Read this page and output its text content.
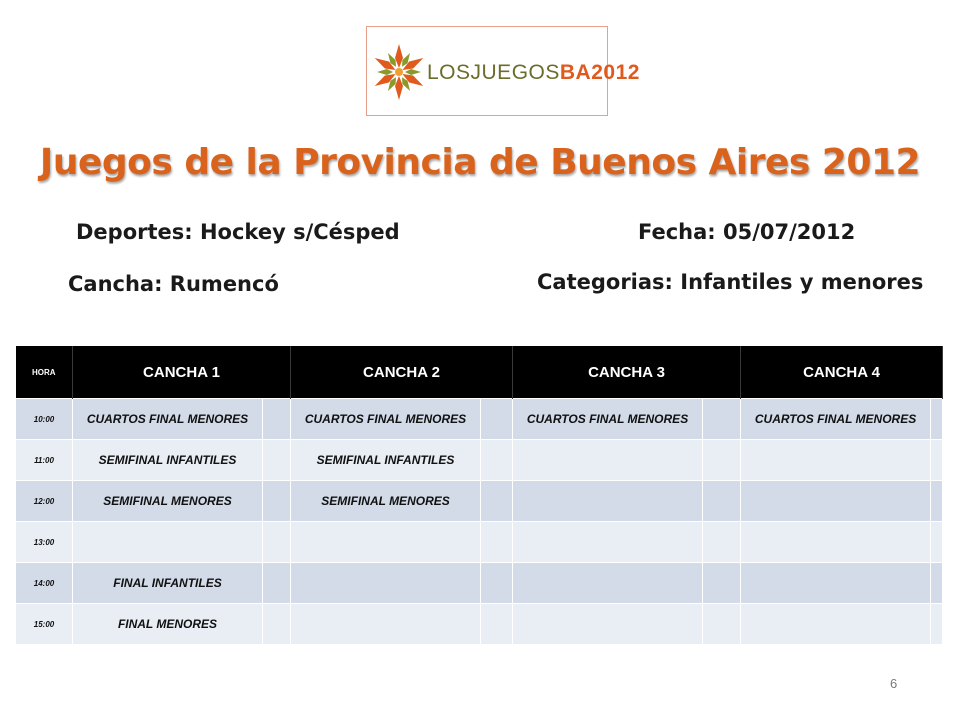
LOSJUEGOSBA2012
Juegos de la Provincia de Buenos Aires 2012
Deportes: Hockey s/Césped	Fecha: 05/07/2012
Cancha: Rumencó	Categorias: Infantiles y menores
HORA	CANCHA 1		CANCHA 2		CANCHA 3		CANCHA 4	
10:00	CUARTOS FINAL MENORES		CUARTOS FINAL MENORES		CUARTOS FINAL MENORES		CUARTOS FINAL MENORES	
11:00	SEMIFINAL INFANTILES		SEMIFINAL INFANTILES					
12:00	SEMIFINAL MENORES		SEMIFINAL MENORES					
13:00								
14:00	FINAL INFANTILES							
15:00	FINAL MENORES							
6
